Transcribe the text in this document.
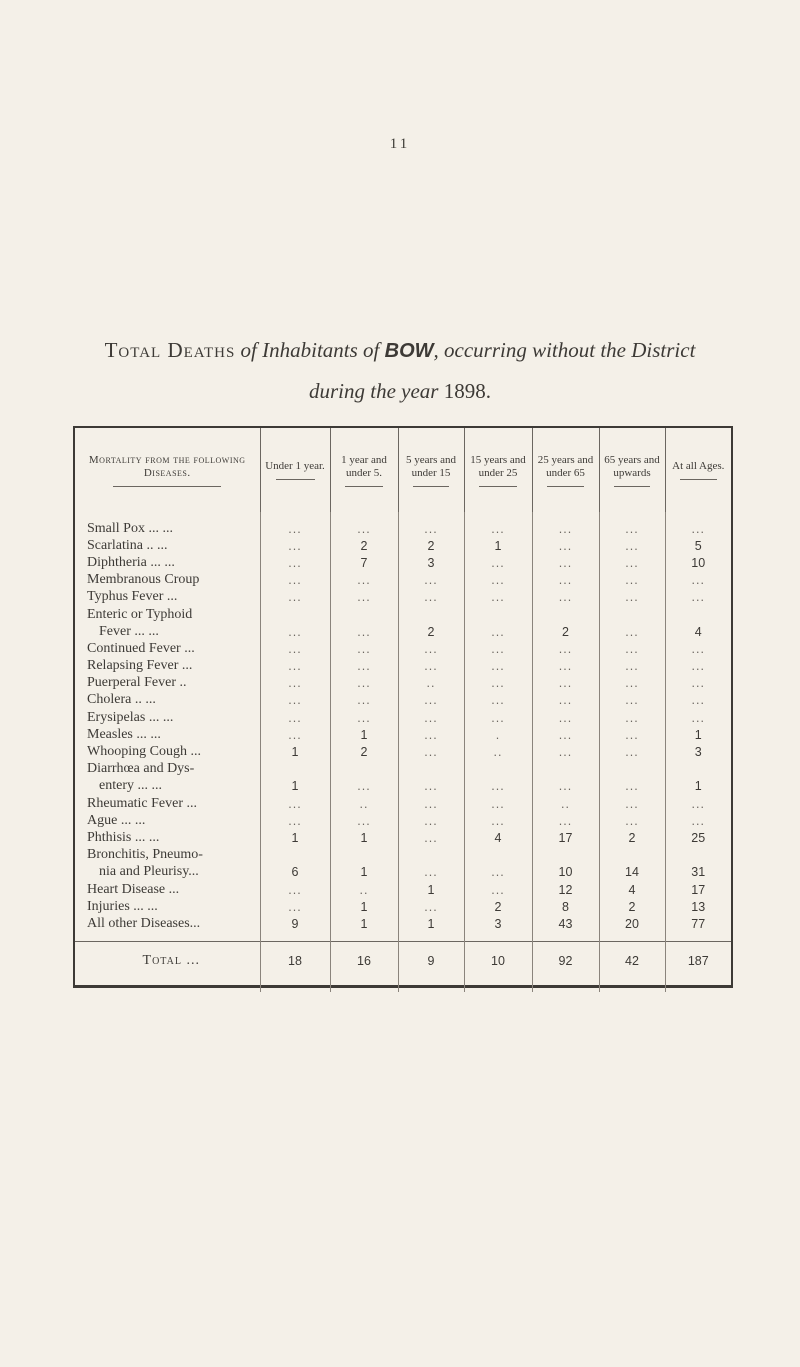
11
Total Deaths of Inhabitants of BOW, occurring without the District
during the year 1898.
Mortality from the following Diseases.	Under 1 year.	1 year and under 5.	5 years and under 15	15 years and under 25	25 years and under 65	65 years and upwards	At all Ages.

Small Pox ... ...	...	...	...	...	...	...	...
Scarlatina .. ...	...	2	2	1	...	...	5
Diphtheria ... ...	...	7	3	...	...	...	10
Membranous Croup	...	...	...	...	...	...	...
Typhus Fever ...	...	...	...	...	...	...	...
Enteric or Typhoid							
Fever ... ...	...	...	2	...	2	...	4
Continued Fever ...	...	...	...	...	...	...	...
Relapsing Fever ...	...	...	...	...	...	...	...
Puerperal Fever ..	...	...	..	...	...	...	...
Cholera .. ...	...	...	...	...	...	...	...
Erysipelas ... ...	...	...	...	...	...	...	...
Measles ... ...	...	1	...	.	...	...	1
Whooping Cough ...	1	2	...	..	...	...	3
Diarrhœa and Dys-							
entery ... ...	1	...	...	...	...	...	1
Rheumatic Fever ...	...	..	...	...	..	...	...
Ague ... ...	...	...	...	...	...	...	...
Phthisis ... ...	1	1	...	4	17	2	25
Bronchitis, Pneumo-							
nia and Pleurisy...	6	1	...	...	10	14	31
Heart Disease ...	...	..	1	...	12	4	17
Injuries ... ...	...	1	...	2	8	2	13
All other Diseases...	9	1	1	3	43	20	77

Total ...	18	16	9	10	92	42	187
